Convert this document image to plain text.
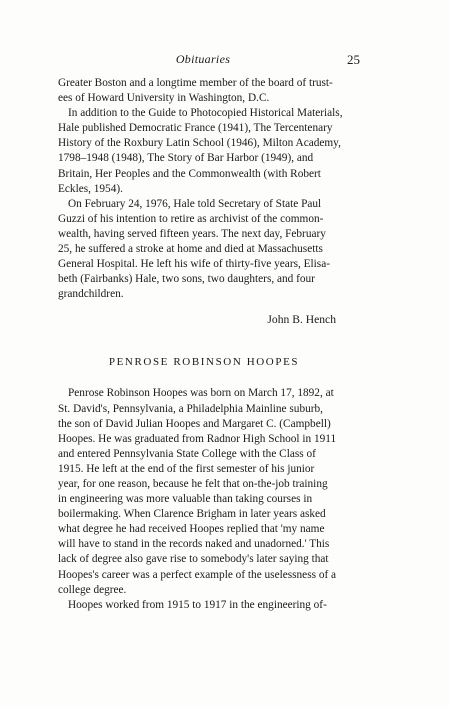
Obituaries	25
Greater Boston and a longtime member of the board of trust-
ees of Howard University in Washington, D.C.
In addition to the Guide to Photocopied Historical Materials,
Hale published Democratic France (1941), The Tercentenary
History of the Roxbury Latin School (1946), Milton Academy,
1798–1948 (1948), The Story of Bar Harbor (1949), and
Britain, Her Peoples and the Commonwealth (with Robert
Eckles, 1954).
On February 24, 1976, Hale told Secretary of State Paul
Guzzi of his intention to retire as archivist of the common-
wealth, having served fifteen years. The next day, February
25, he suffered a stroke at home and died at Massachusetts
General Hospital. He left his wife of thirty-five years, Elisa-
beth (Fairbanks) Hale, two sons, two daughters, and four
grandchildren.
John B. Hench
PENROSE ROBINSON HOOPES
Penrose Robinson Hoopes was born on March 17, 1892, at
St. David's, Pennsylvania, a Philadelphia Mainline suburb,
the son of David Julian Hoopes and Margaret C. (Campbell)
Hoopes. He was graduated from Radnor High School in 1911
and entered Pennsylvania State College with the Class of
1915. He left at the end of the first semester of his junior
year, for one reason, because he felt that on-the-job training
in engineering was more valuable than taking courses in
boilermaking. When Clarence Brigham in later years asked
what degree he had received Hoopes replied that 'my name
will have to stand in the records naked and unadorned.' This
lack of degree also gave rise to somebody's later saying that
Hoopes's career was a perfect example of the uselessness of a
college degree.
Hoopes worked from 1915 to 1917 in the engineering of-
